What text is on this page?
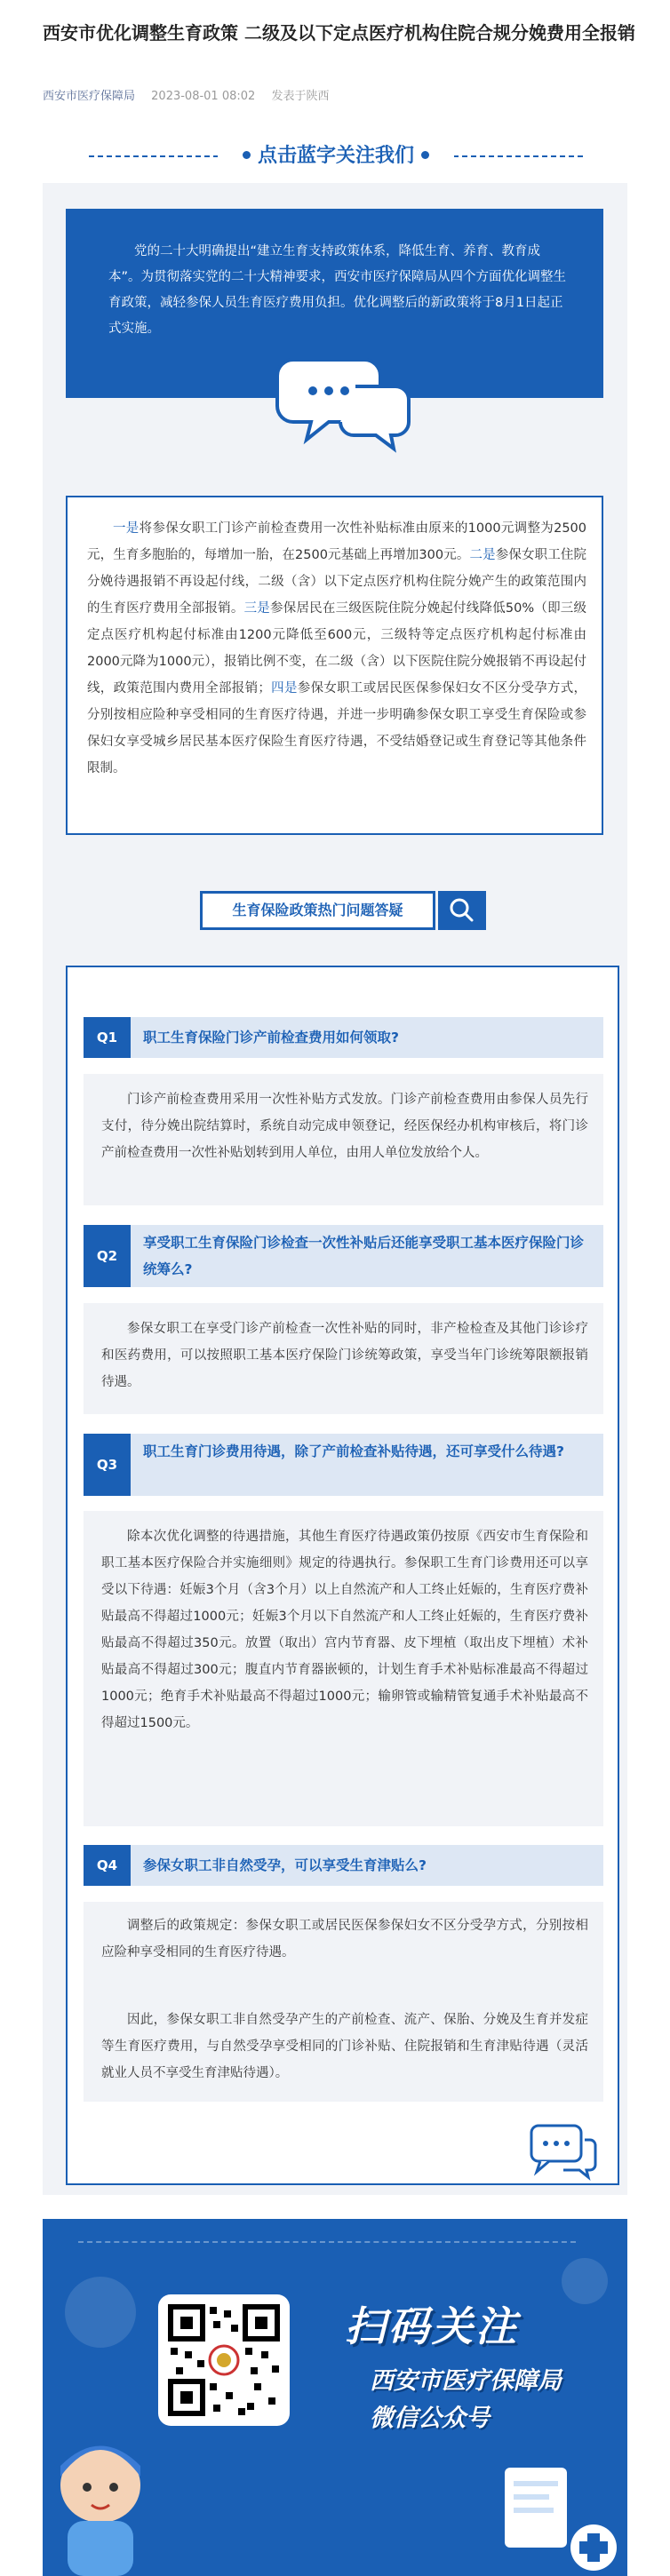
西安市优化调整生育政策 二级及以下定点医疗机构住院合规分娩费用全报销
西安市医疗保障局 2023-08-01 08:02 发表于陕西
点击蓝字关注我们

党的二十大明确提出“建立生育支持政策体系，降低生育、养育、教育成本”。为贯彻落实党的二十大精神要求，西安市医疗保障局从四个方面优化调整生育政策，减轻参保人员生育医疗费用负担。优化调整后的新政策将于8月1日起正式实施。

一是将参保女职工门诊产前检查费用一次性补贴标准由原来的1000元调整为2500元，生育多胞胎的，每增加一胎，在2500元基础上再增加300元。二是参保女职工住院分娩待遇报销不再设起付线，二级（含）以下定点医疗机构住院分娩产生的政策范围内的生育医疗费用全部报销。三是参保居民在三级医院住院分娩起付线降低50%（即三级定点医疗机构起付标准由1200元降低至600元，三级特等定点医疗机构起付标准由2000元降为1000元），报销比例不变，在二级（含）以下医院住院分娩报销不再设起付线，政策范围内费用全部报销；四是参保女职工或居民医保参保妇女不区分受孕方式，分别按相应险种享受相同的生育医疗待遇，并进一步明确参保女职工享受生育保险或参保妇女享受城乡居民基本医疗保险生育医疗待遇，不受结婚登记或生育登记等其他条件限制。

生育保险政策热门问题答疑
Q1	职工生育保险门诊产前检查费用如何领取?

门诊产前检查费用采用一次性补贴方式发放。门诊产前检查费用由参保人员先行支付，待分娩出院结算时，系统自动完成申领登记，经医保经办机构审核后，将门诊产前检查费用一次性补贴划转到用人单位，由用人单位发放给个人。

Q2
享受职工生育保险门诊检查一次性补贴后还能享受职工基本医疗保险门诊统筹么?

参保女职工在享受门诊产前检查一次性补贴的同时，非产检检查及其他门诊诊疗和医药费用，可以按照职工基本医疗保险门诊统筹政策，享受当年门诊统筹限额报销待遇。

Q3
职工生育门诊费用待遇，除了产前检查补贴待遇，还可享受什么待遇?

除本次优化调整的待遇措施，其他生育医疗待遇政策仍按原《西安市生育保险和职工基本医疗保险合并实施细则》规定的待遇执行。参保职工生育门诊费用还可以享受以下待遇：妊娠3个月（含3个月）以上自然流产和人工终止妊娠的，生育医疗费补贴最高不得超过1000元；妊娠3个月以下自然流产和人工终止妊娠的，生育医疗费补贴最高不得超过350元。放置（取出）宫内节育器、皮下埋植（取出皮下埋植）术补贴最高不得超过300元；腹直内节育器嵌顿的，计划生育手术补贴标准最高不得超过1000元；绝育手术补贴最高不得超过1000元；输卵管或输精管复通手术补贴最高不得超过1500元。

Q4	参保女职工非自然受孕，可以享受生育津贴么?

调整后的政策规定：参保女职工或居民医保参保妇女不区分受孕方式，分别按相应险种享受相同的生育医疗待遇。

因此，参保女职工非自然受孕产生的产前检查、流产、保胎、分娩及生育并发症等生育医疗费用，与自然受孕享受相同的门诊补贴、住院报销和生育津贴待遇（灵活就业人员不享受生育津贴待遇）。

扫码关注
西安市医疗保障局
微信公众号
